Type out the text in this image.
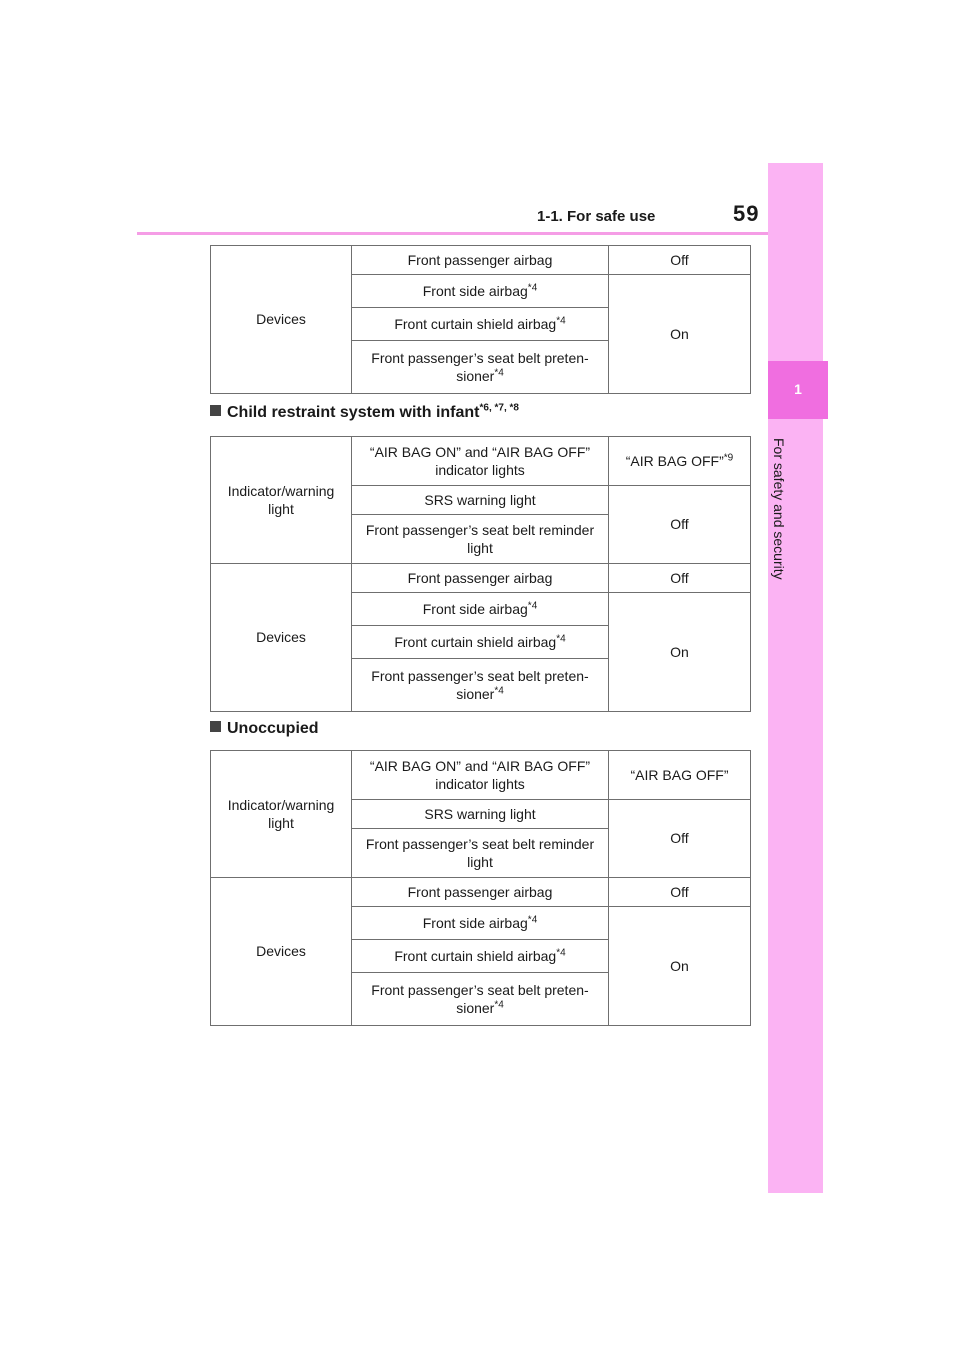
1-1. For safe use	59
1
For safety and security
Devices	Front passenger airbag	Off
	Front side airbag$^{*4}$	On
	Front curtain shield airbag$^{*4}$
	Front passenger’s seat belt preten-
sioner$^{*4}$
Child restraint system with infant$^{*6, *7, *8}$
Indicator/warning light	“AIR BAG ON” and “AIR BAG OFF” indicator lights	“AIR BAG OFF”$^{*9}$
	SRS warning light	Off
	Front passenger’s seat belt reminder light	
Devices	Front passenger airbag	Off
	Front side airbag$^{*4}$	On
	Front curtain shield airbag$^{*4}$
	Front passenger’s seat belt preten-
sioner$^{*4}$
Unoccupied
Indicator/warning light	“AIR BAG ON” and “AIR BAG OFF” indicator lights	“AIR BAG OFF”
	SRS warning light	Off
	Front passenger’s seat belt reminder light	
Devices	Front passenger airbag	Off
	Front side airbag$^{*4}$	On
	Front curtain shield airbag$^{*4}$
	Front passenger’s seat belt preten-
sioner$^{*4}$
